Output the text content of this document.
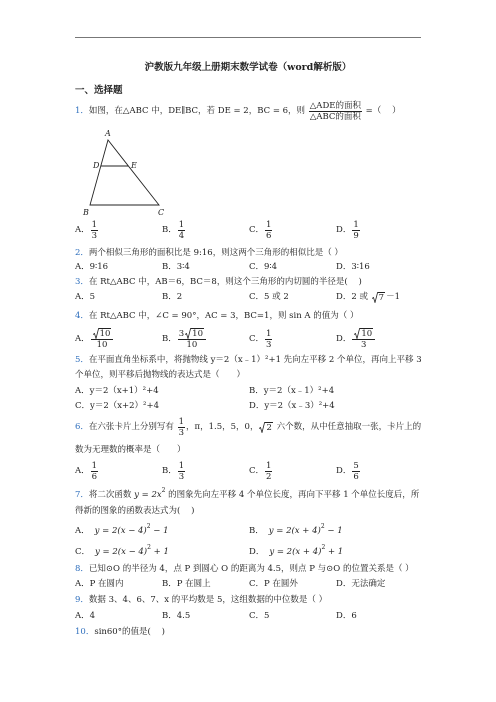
沪教版九年级上册期末数学试卷（word解析版）
一、选择题
1． 如图，在△ABC 中，DE∥BC，若 DE = 2，BC = 6，则 $\frac{\text{△ADE的面积}}{\text{△ABC的面积}}$ =（    ）
A
D	E
B	C
A． $\frac{1}{3}$	B． $\frac{1}{4}$	C． $\frac{1}{6}$	D． $\frac{1}{9}$
2． 两个相似三角形的面积比是 9:16，则这两个三角形的相似比是（ ）
A． 9∶16	B． 3∶4	C． 9∶4	D． 3∶16
3． 在 Rt△ABC 中，AB＝6，BC＝8，则这个三角形的内切圆的半径是(    )
A． 5	B． 2	C． 5 或 2	D． 2 或 7 －1
4． 在 Rt△ABC 中，∠C = 90°，AC = 3，BC=1，则 sin A 的值为（ ）
A． $\frac{10}{10}$	B． $\frac{3 10}{10}$	C． $\frac{1}{3}$	D． $\frac{10}{3}$
5． 在平面直角坐标系中，将抛物线 y＝2（x﹣1）²+1 先向左平移 2 个单位，再向上平移 3
个单位，则平移后抛物线的表达式是（　　）
A． y＝2（x+1）²+4	B． y＝2（x﹣1）²+4
C． y＝2（x+2）²+4	D． y＝2（x﹣3）²+4
6． 在六张卡片上分别写有 $\frac{1}{3}$ ，π，1.5，5，0， 2 六个数，从中任意抽取一张，卡片上的
数为无理数的概率是（　　）
A． $\frac{1}{6}$	B． $\frac{1}{3}$	C． $\frac{1}{2}$	D． $\frac{5}{6}$
7． 将二次函数 y = 2x 2 的图象先向左平移 4 个单位长度，再向下平移 1 个单位长度后，所
得新的图象的函数表达式为(    )
A． y = 2(x − 4) 2 − 1	B． y = 2(x + 4) 2 − 1
C． y = 2(x − 4) 2 + 1	D． y = 2(x + 4) 2 + 1
8． 已知⊙O 的半径为 4，点 P 到圆心 O 的距离为 4.5，则点 P 与⊙O 的位置关系是（ ）
A． P 在圆内	B． P 在圆上	C． P 在圆外	D． 无法确定
9． 数据 3、4、6、7、x 的平均数是 5，这组数据的中位数是（ ）
A． 4	B． 4.5	C． 5	D． 6
10． sin60°的值是(    )
